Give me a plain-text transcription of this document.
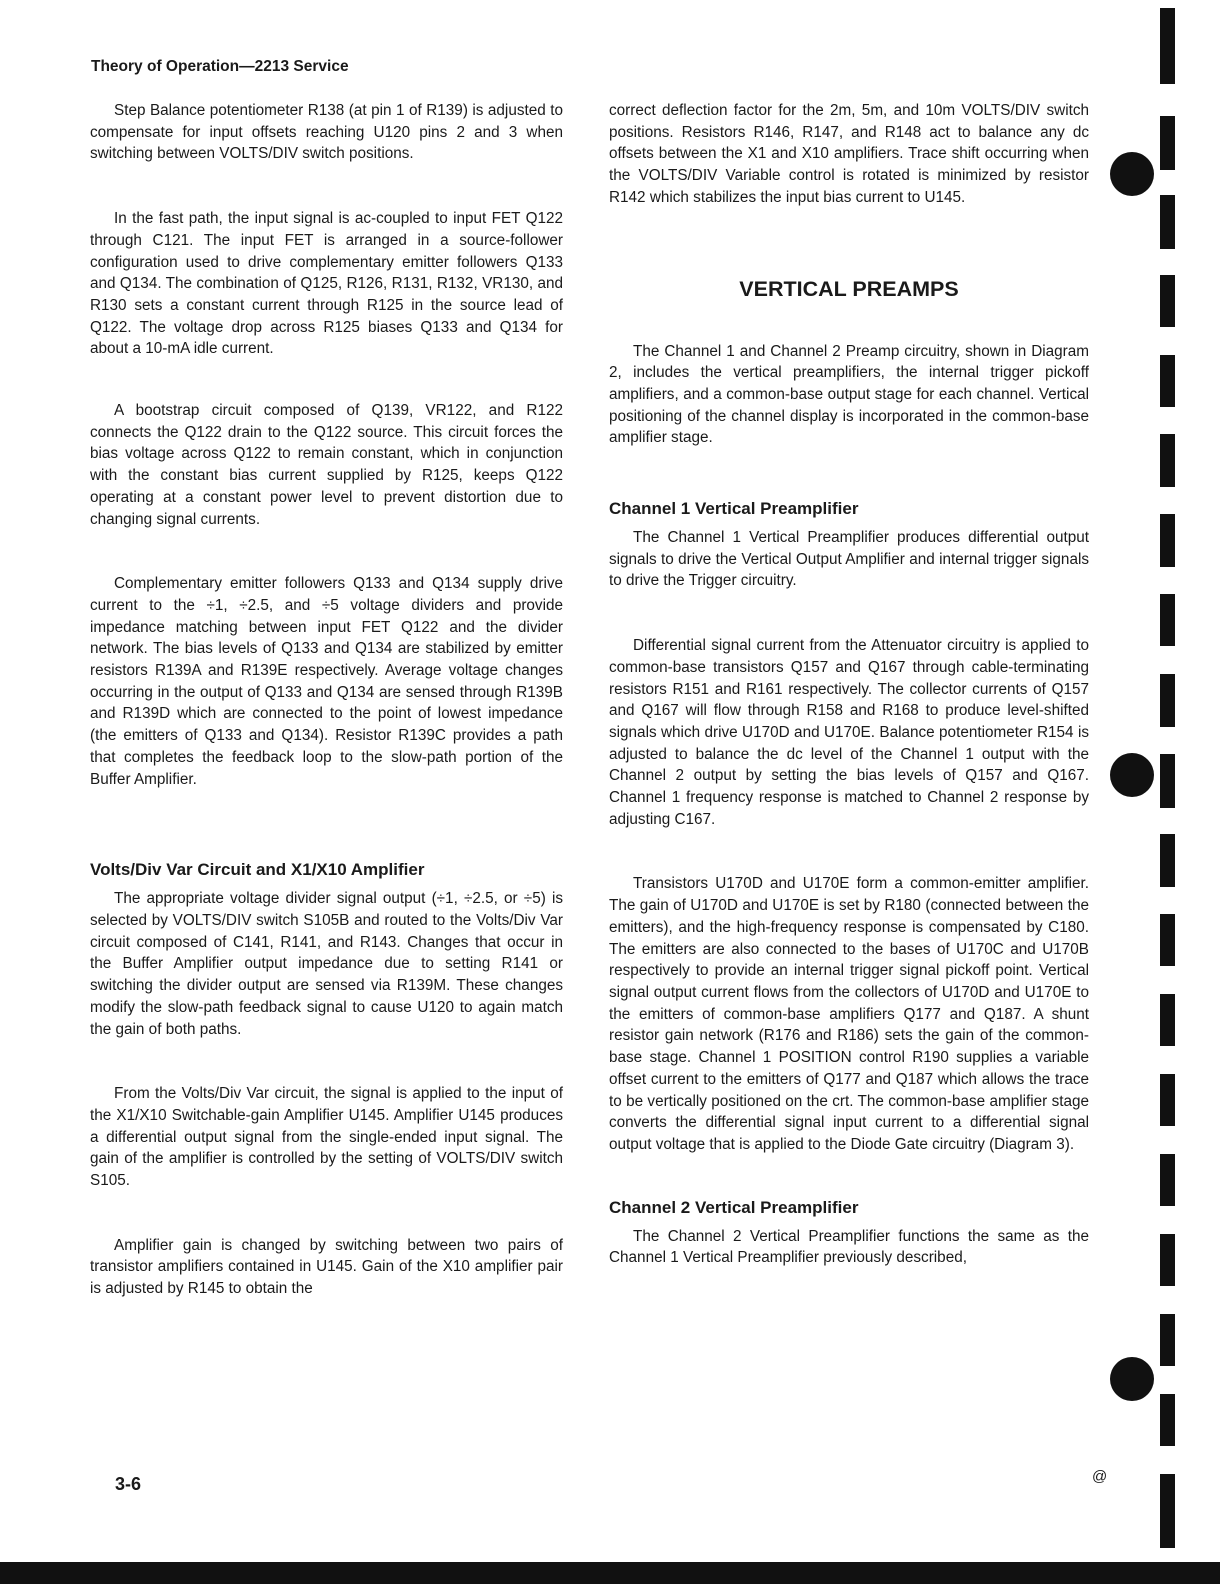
Theory of Operation—2213 Service

Step Balance potentiometer R138 (at pin 1 of R139) is adjusted to compensate for input offsets reaching U120 pins 2 and 3 when switching between VOLTS/DIV switch positions.

In the fast path, the input signal is ac-coupled to input FET Q122 through C121. The input FET is arranged in a source-follower configuration used to drive complementary emitter followers Q133 and Q134. The combination of Q125, R126, R131, R132, VR130, and R130 sets a constant current through R125 in the source lead of Q122. The voltage drop across R125 biases Q133 and Q134 for about a 10-mA idle current.

A bootstrap circuit composed of Q139, VR122, and R122 connects the Q122 drain to the Q122 source. This circuit forces the bias voltage across Q122 to remain constant, which in conjunction with the constant bias current supplied by R125, keeps Q122 operating at a constant power level to prevent distortion due to changing signal currents.

Complementary emitter followers Q133 and Q134 supply drive current to the ÷1, ÷2.5, and ÷5 voltage dividers and provide impedance matching between input FET Q122 and the divider network. The bias levels of Q133 and Q134 are stabilized by emitter resistors R139A and R139E respectively. Average voltage changes occurring in the output of Q133 and Q134 are sensed through R139B and R139D which are connected to the point of lowest impedance (the emitters of Q133 and Q134). Resistor R139C provides a path that completes the feedback loop to the slow-path portion of the Buffer Amplifier.

Volts/Div Var Circuit and X1/X10 Amplifier

The appropriate voltage divider signal output (÷1, ÷2.5, or ÷5) is selected by VOLTS/DIV switch S105B and routed to the Volts/Div Var circuit composed of C141, R141, and R143. Changes that occur in the Buffer Amplifier output impedance due to setting R141 or switching the divider output are sensed via R139M. These changes modify the slow-path feedback signal to cause U120 to again match the gain of both paths.

From the Volts/Div Var circuit, the signal is applied to the input of the X1/X10 Switchable-gain Amplifier U145. Amplifier U145 produces a differential output signal from the single-ended input signal. The gain of the amplifier is controlled by the setting of VOLTS/DIV switch S105.

Amplifier gain is changed by switching between two pairs of transistor amplifiers contained in U145. Gain of the X10 amplifier pair is adjusted by R145 to obtain the

correct deflection factor for the 2m, 5m, and 10m VOLTS/DIV switch positions. Resistors R146, R147, and R148 act to balance any dc offsets between the X1 and X10 amplifiers. Trace shift occurring when the VOLTS/DIV Variable control is rotated is minimized by resistor R142 which stabilizes the input bias current to U145.

VERTICAL PREAMPS

The Channel 1 and Channel 2 Preamp circuitry, shown in Diagram 2, includes the vertical preamplifiers, the internal trigger pickoff amplifiers, and a common-base output stage for each channel. Vertical positioning of the channel display is incorporated in the common-base amplifier stage.

Channel 1 Vertical Preamplifier

The Channel 1 Vertical Preamplifier produces differential output signals to drive the Vertical Output Amplifier and internal trigger signals to drive the Trigger circuitry.

Differential signal current from the Attenuator circuitry is applied to common-base transistors Q157 and Q167 through cable-terminating resistors R151 and R161 respectively. The collector currents of Q157 and Q167 will flow through R158 and R168 to produce level-shifted signals which drive U170D and U170E. Balance potentiometer R154 is adjusted to balance the dc level of the Channel 1 output with the Channel 2 output by setting the bias levels of Q157 and Q167. Channel 1 frequency response is matched to Channel 2 response by adjusting C167.

Transistors U170D and U170E form a common-emitter amplifier. The gain of U170D and U170E is set by R180 (connected between the emitters), and the high-frequency response is compensated by C180. The emitters are also connected to the bases of U170C and U170B respectively to provide an internal trigger signal pickoff point. Vertical signal output current flows from the collectors of U170D and U170E to the emitters of common-base amplifiers Q177 and Q187. A shunt resistor gain network (R176 and R186) sets the gain of the common-base stage. Channel 1 POSITION control R190 supplies a variable offset current to the emitters of Q177 and Q187 which allows the trace to be vertically positioned on the crt. The common-base amplifier stage converts the differential signal input current to a differential signal output voltage that is applied to the Diode Gate circuitry (Diagram 3).

Channel 2 Vertical Preamplifier

The Channel 2 Vertical Preamplifier functions the same as the Channel 1 Vertical Preamplifier previously described,

3-6	@
